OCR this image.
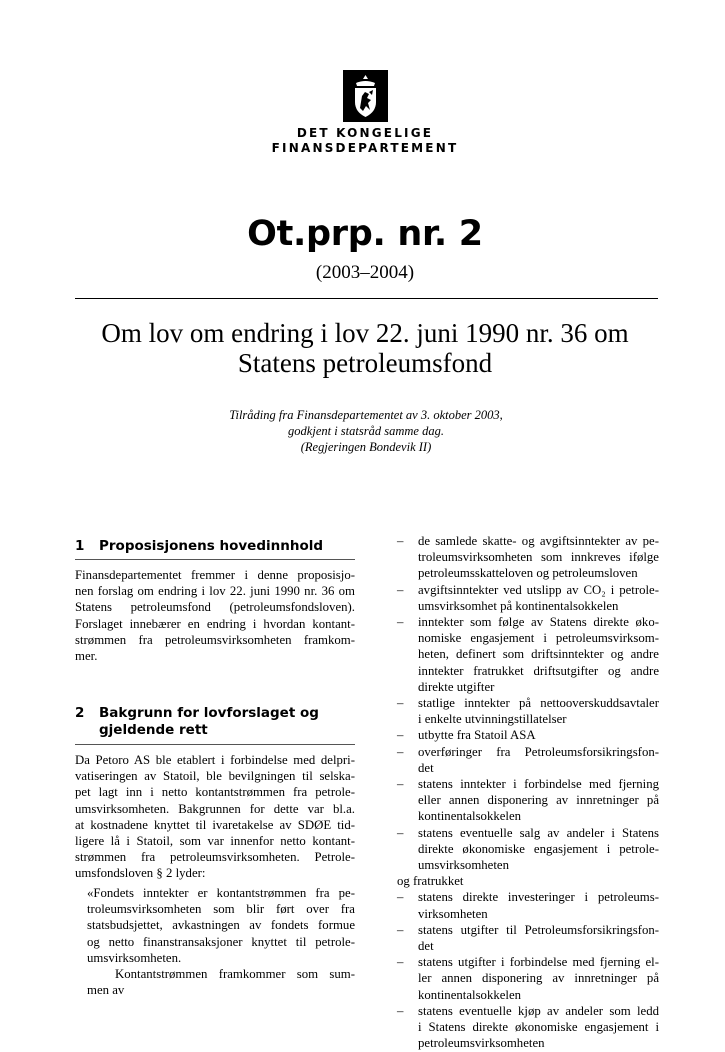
DET KONGELIGE
FINANSDEPARTEMENT
Ot.prp. nr. 2
(2003–2004)
Om lov om endring i lov 22. juni 1990 nr. 36 om
Statens petroleumsfond
Tilråding fra Finansdepartementet av 3. oktober 2003,
godkjent i statsråd samme dag.
(Regjeringen Bondevik II)
1 Proposisjonens hovedinnhold
Finansdepartementet fremmer i denne proposisjo-
nen forslag om endring i lov 22. juni 1990 nr. 36 om
Statens petroleumsfond (petroleumsfondsloven).
Forslaget innebærer en endring i hvordan kontant-
strømmen fra petroleumsvirksomheten framkom-
mer.
2 Bakgrunn for lovforslaget og gjeldende rett
Da Petoro AS ble etablert i forbindelse med delpri-
vatiseringen av Statoil, ble bevilgningen til selska-
pet lagt inn i netto kontantstrømmen fra petrole-
umsvirksomheten. Bakgrunnen for dette var bl.a.
at kostnadene knyttet til ivaretakelse av SDØE tid-
ligere lå i Statoil, som var innenfor netto kontant-
strømmen fra petroleumsvirksomheten. Petrole-
umsfondsloven § 2 lyder:
«Fondets inntekter er kontantstrømmen fra pe-
troleumsvirksomheten som blir ført over fra
statsbudsjettet, avkastningen av fondets formue
og netto finanstransaksjoner knyttet til petrole-
umsvirksomheten.
Kontantstrømmen framkommer som sum-
men av
– de samlede skatte- og avgiftsinntekter av pe-
troleumsvirksomheten som innkreves ifølge
petroleumsskatteloven og petroleumsloven
– avgiftsinntekter ved utslipp av CO₂ i petrole-
umsvirksomhet på kontinentalsokkelen
– inntekter som følge av Statens direkte øko-
nomiske engasjement i petroleumsvirksom-
heten, definert som driftsinntekter og andre
inntekter fratrukket driftsutgifter og andre
direkte utgifter
– statlige inntekter på nettooverskuddsavtaler
i enkelte utvinningstillatelser
– utbytte fra Statoil ASA
– overføringer fra Petroleumsforsikringsfon-
det
– statens inntekter i forbindelse med fjerning
eller annen disponering av innretninger på
kontinentalsokkelen
– statens eventuelle salg av andeler i Statens
direkte økonomiske engasjement i petrole-
umsvirksomheten
og fratrukket
– statens direkte investeringer i petroleums-
virksomheten
– statens utgifter til Petroleumsforsikringsfon-
det
– statens utgifter i forbindelse med fjerning el-
ler annen disponering av innretninger på
kontinentalsokkelen
– statens eventuelle kjøp av andeler som ledd
i Statens direkte økonomiske engasjement i
petroleumsvirksomheten
